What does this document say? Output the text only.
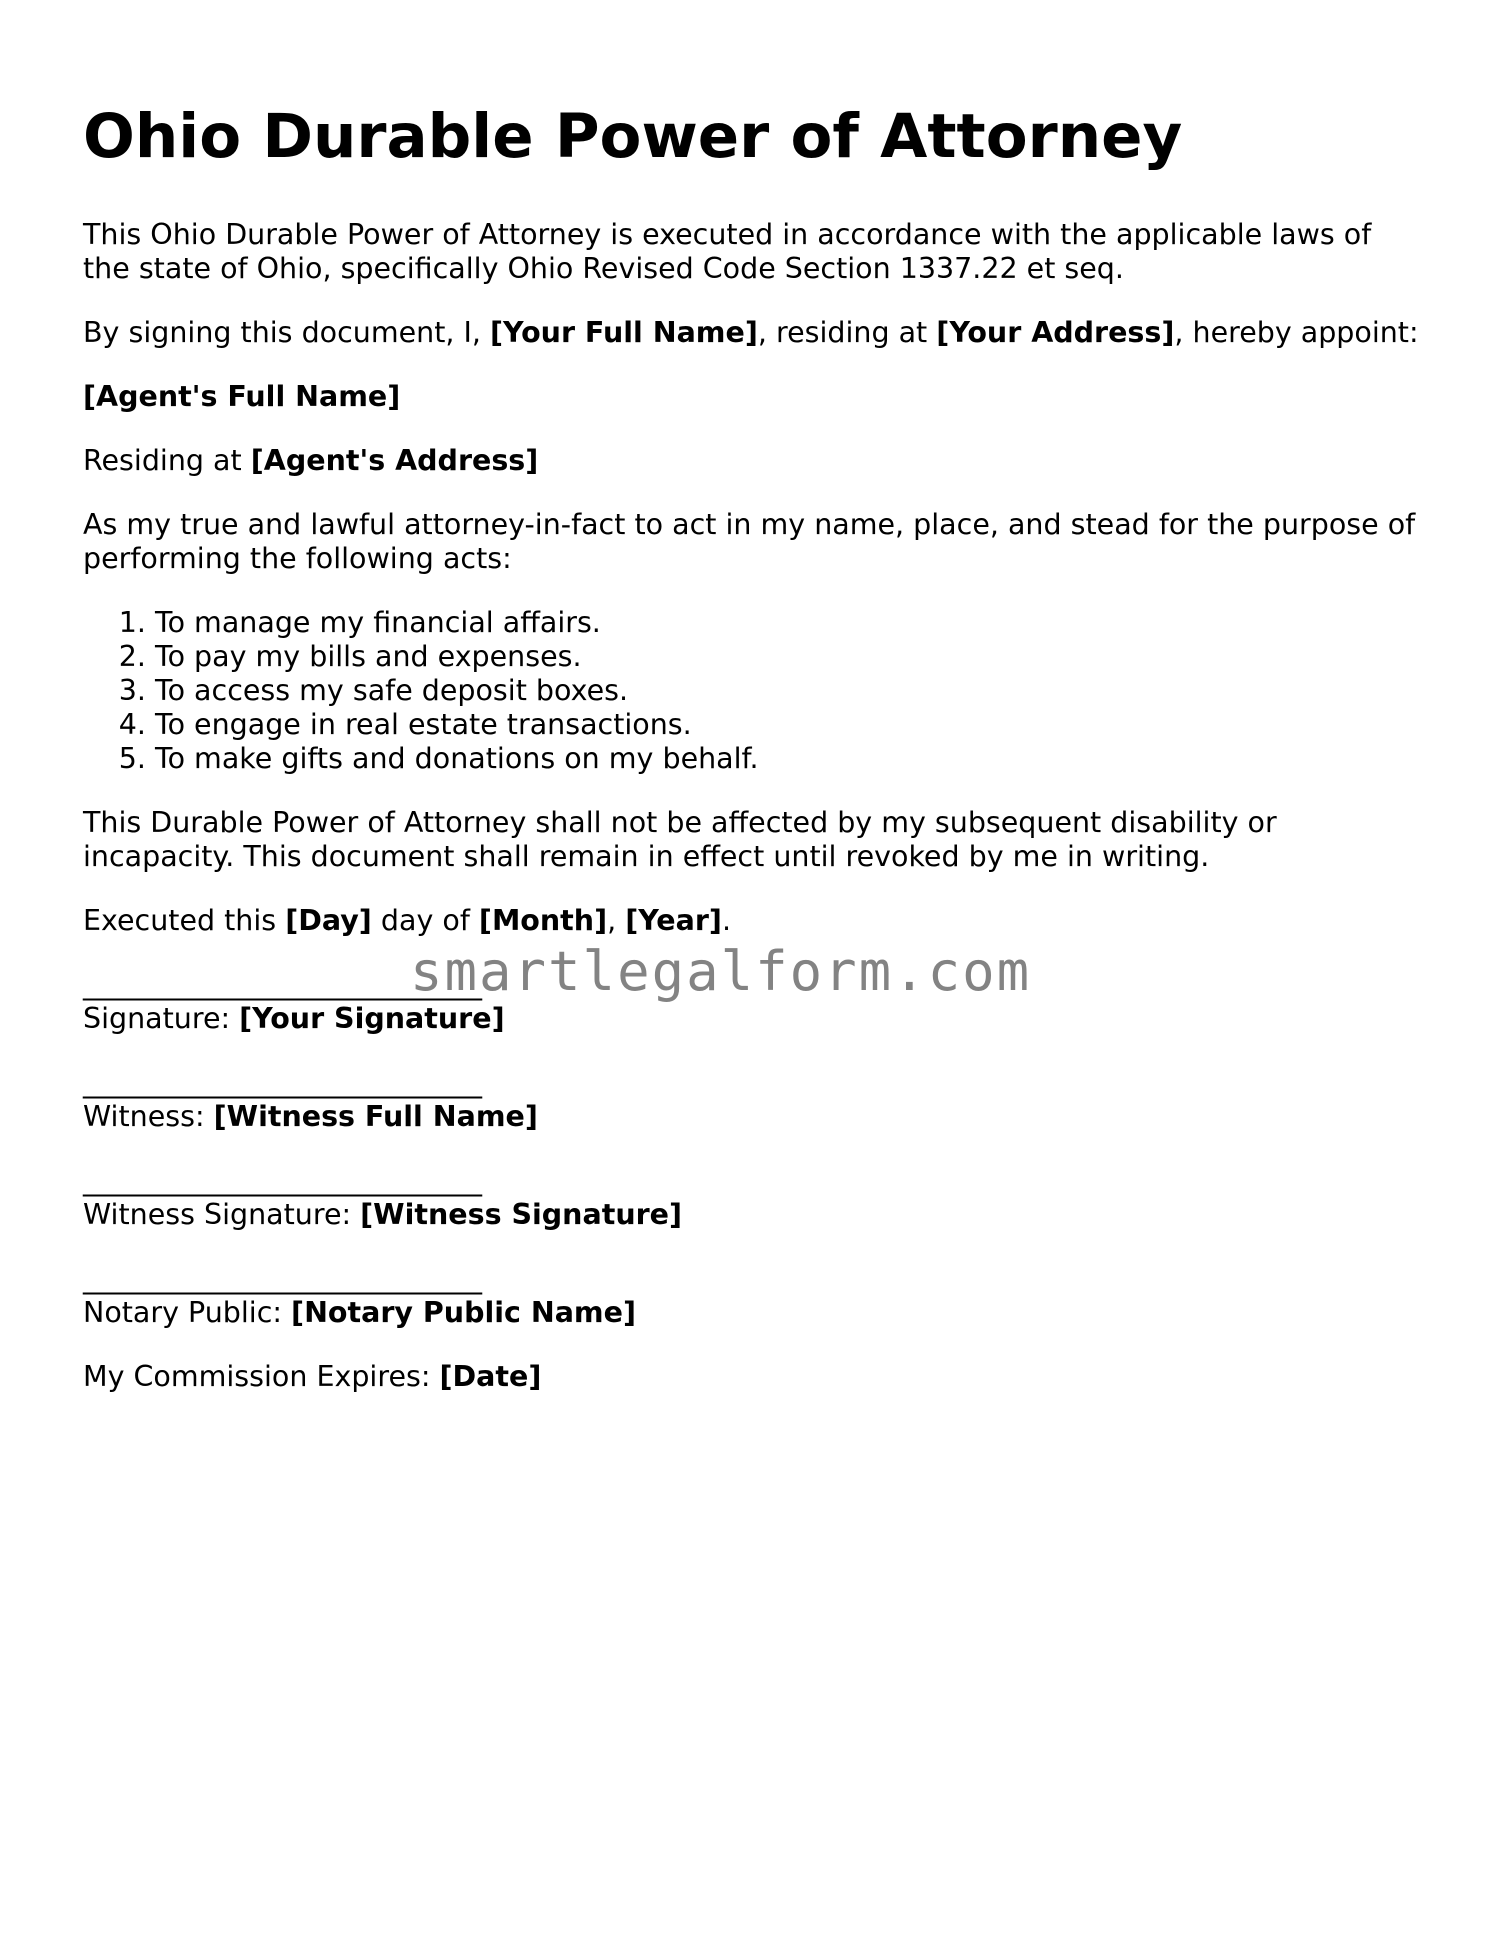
Ohio Durable Power of Attorney

This Ohio Durable Power of Attorney is executed in accordance with the applicable laws of the state of Ohio, specifically Ohio Revised Code Section 1337.22 et seq.

By signing this document, I, [Your Full Name], residing at [Your Address], hereby appoint:

[Agent's Full Name]

Residing at [Agent's Address]

As my true and lawful attorney-in-fact to act in my name, place, and stead for the purpose of performing the following acts:

1. To manage my financial affairs.
2. To pay my bills and expenses.
3. To access my safe deposit boxes.
4. To engage in real estate transactions.
5. To make gifts and donations on my behalf.

This Durable Power of Attorney shall not be affected by my subsequent disability or incapacity. This document shall remain in effect until revoked by me in writing.

Executed this [Day] day of [Month], [Year].

____________________________
Signature: [Your Signature]
____________________________
Witness: [Witness Full Name]
____________________________
Witness Signature: [Witness Signature]
____________________________
Notary Public: [Notary Public Name]

My Commission Expires: [Date]

smartlegalform.com
